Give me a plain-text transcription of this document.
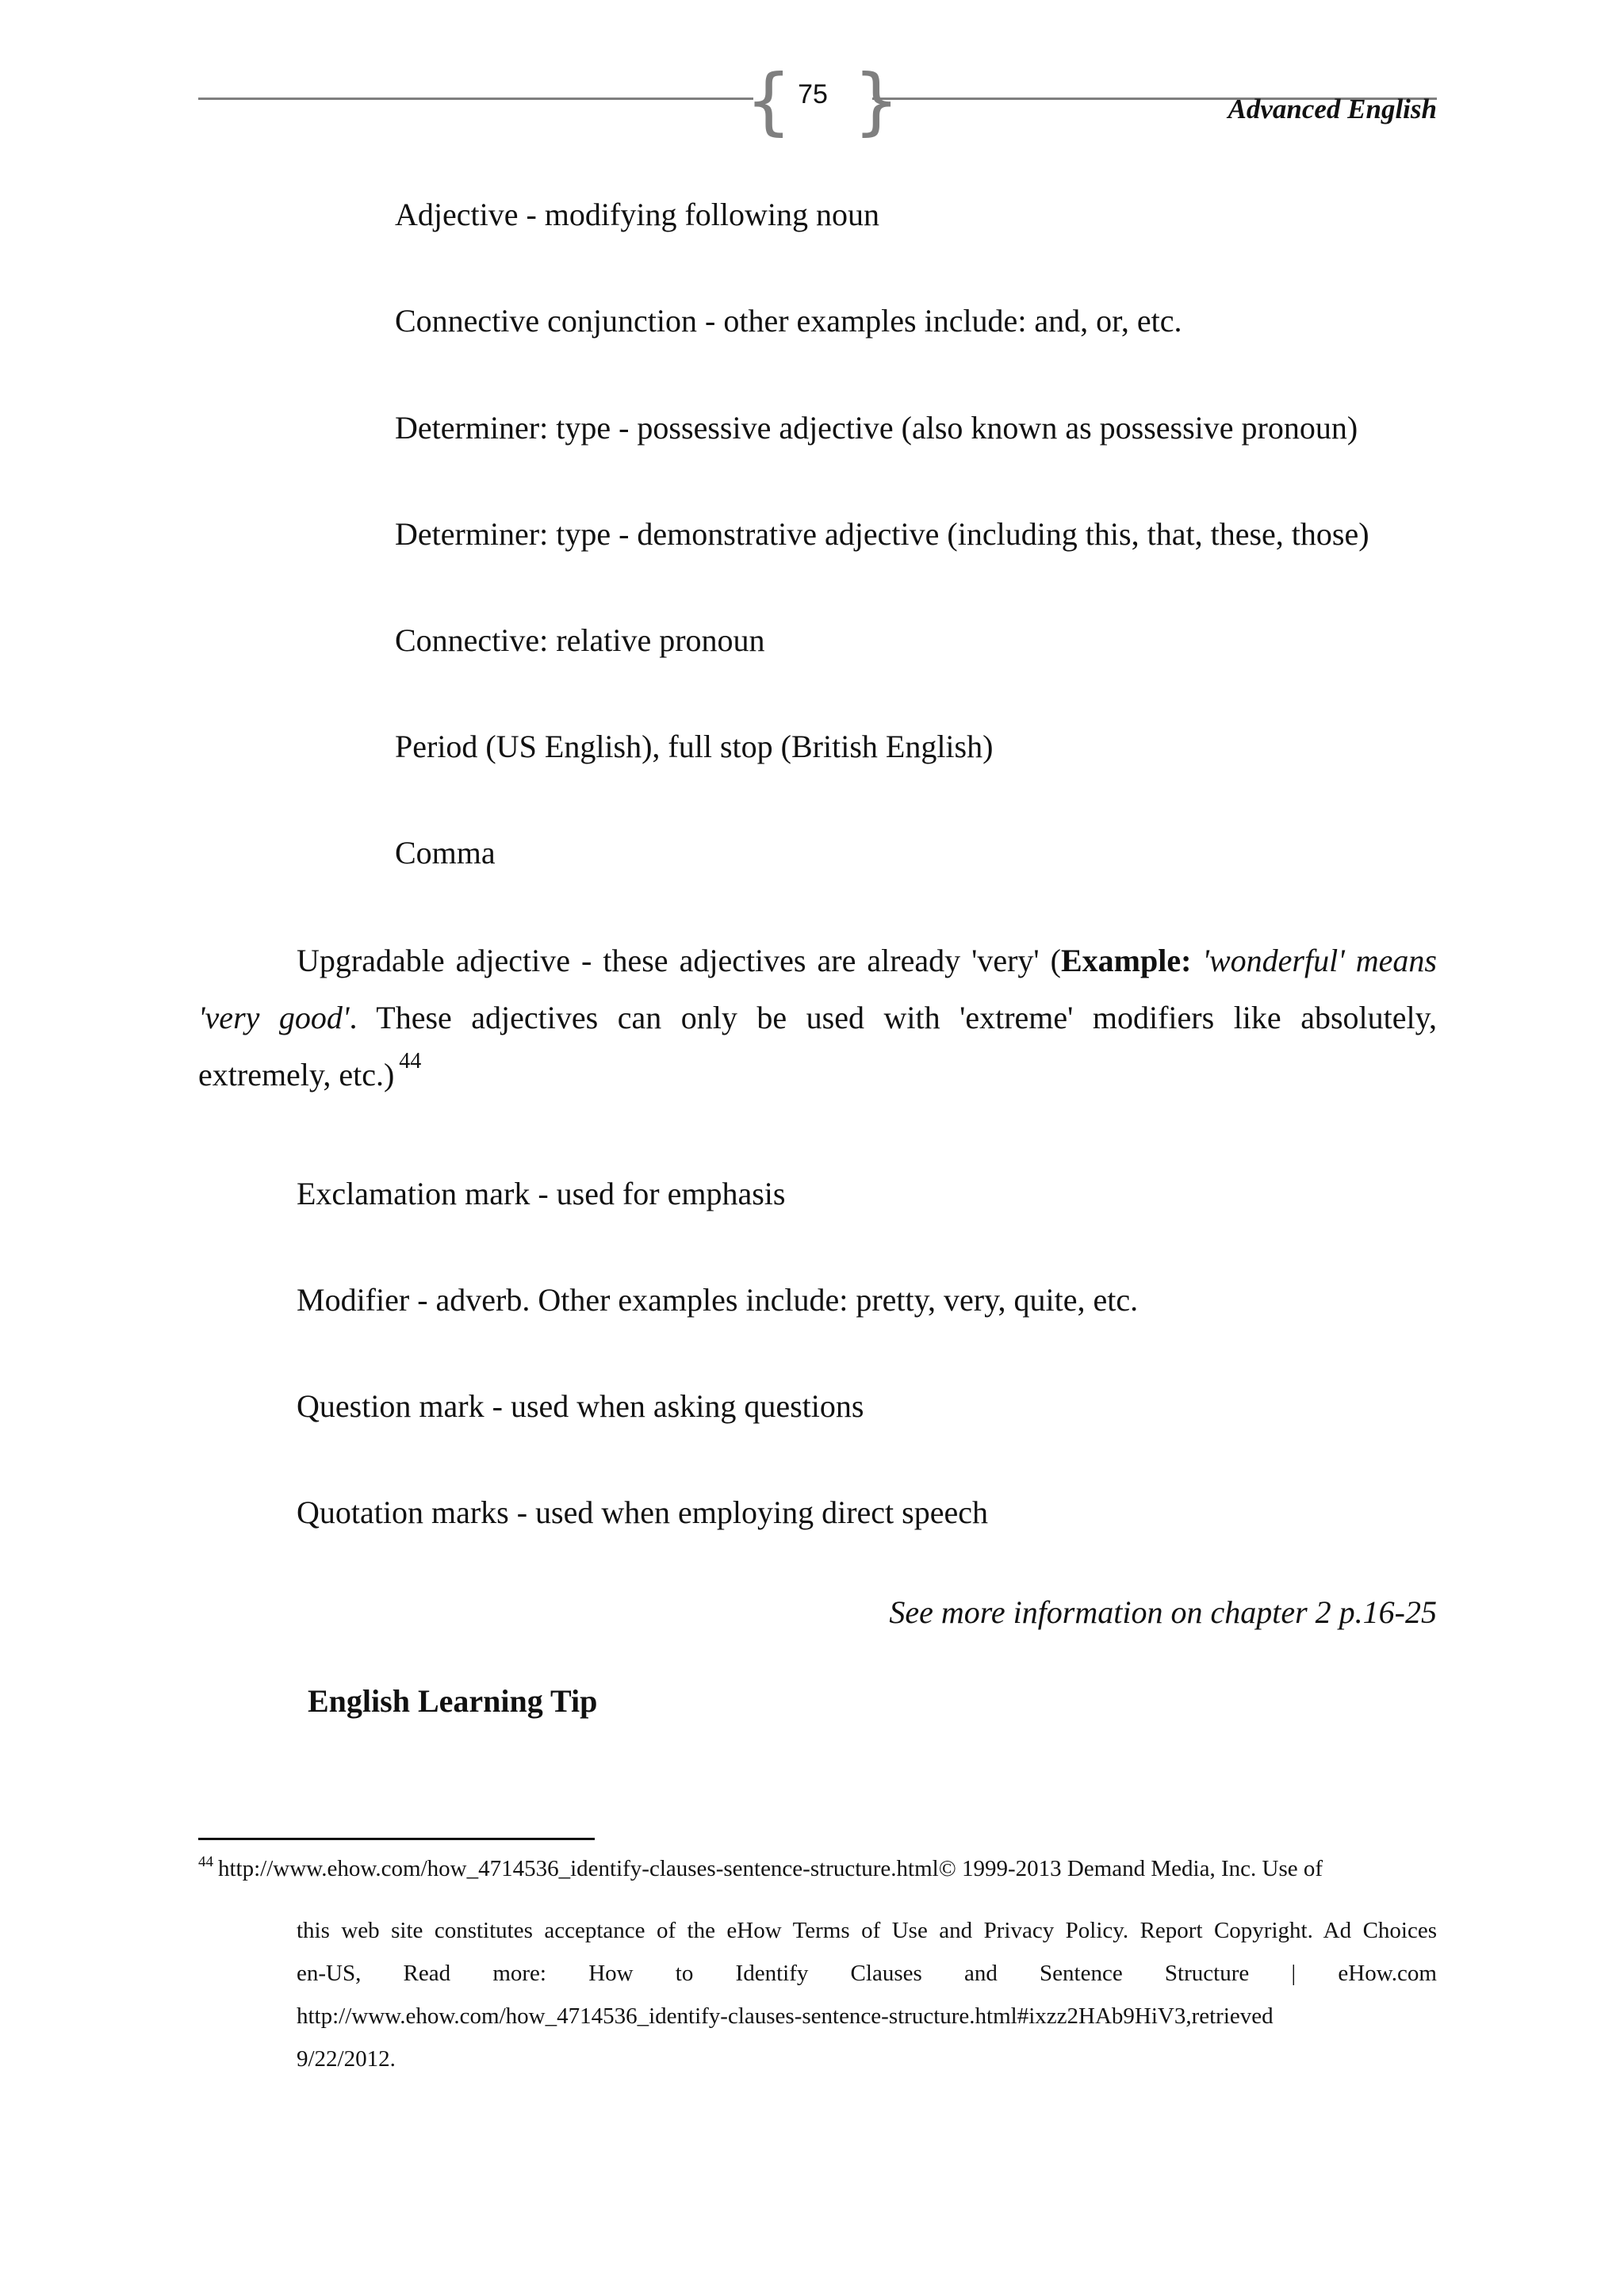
{ }
75	Advanced English
Adjective - modifying following noun
Connective conjunction - other examples include: and, or, etc.
Determiner: type - possessive adjective (also known as possessive pronoun)
Determiner: type - demonstrative adjective (including this, that, these, those)
Connective: relative pronoun
Period (US English), full stop (British English)
Comma
Upgradable adjective - these adjectives are already 'very' (Example: 'wonderful' means 'very good'. These adjectives can only be used with 'extreme' modifiers like absolutely, extremely, etc.) $^{44}$
Exclamation mark - used for emphasis
Modifier - adverb. Other examples include: pretty, very, quite, etc.
Question mark - used when asking questions
Quotation marks - used when employing direct speech
See more information on chapter 2 p.16-25
English Learning Tip
$^{44}$ http://www.ehow.com/how_4714536_identify-clauses-sentence-structure.html© 1999-2013 Demand Media, Inc. Use of
this web site constitutes acceptance of the eHow Terms of Use and Privacy Policy. Report Copyright. Ad Choices
en-US, Read more: How to Identify Clauses and Sentence Structure | eHow.com
http://www.ehow.com/how_4714536_identify-clauses-sentence-structure.html#ixzz2HAb9HiV3,retrieved
9/22/2012.
